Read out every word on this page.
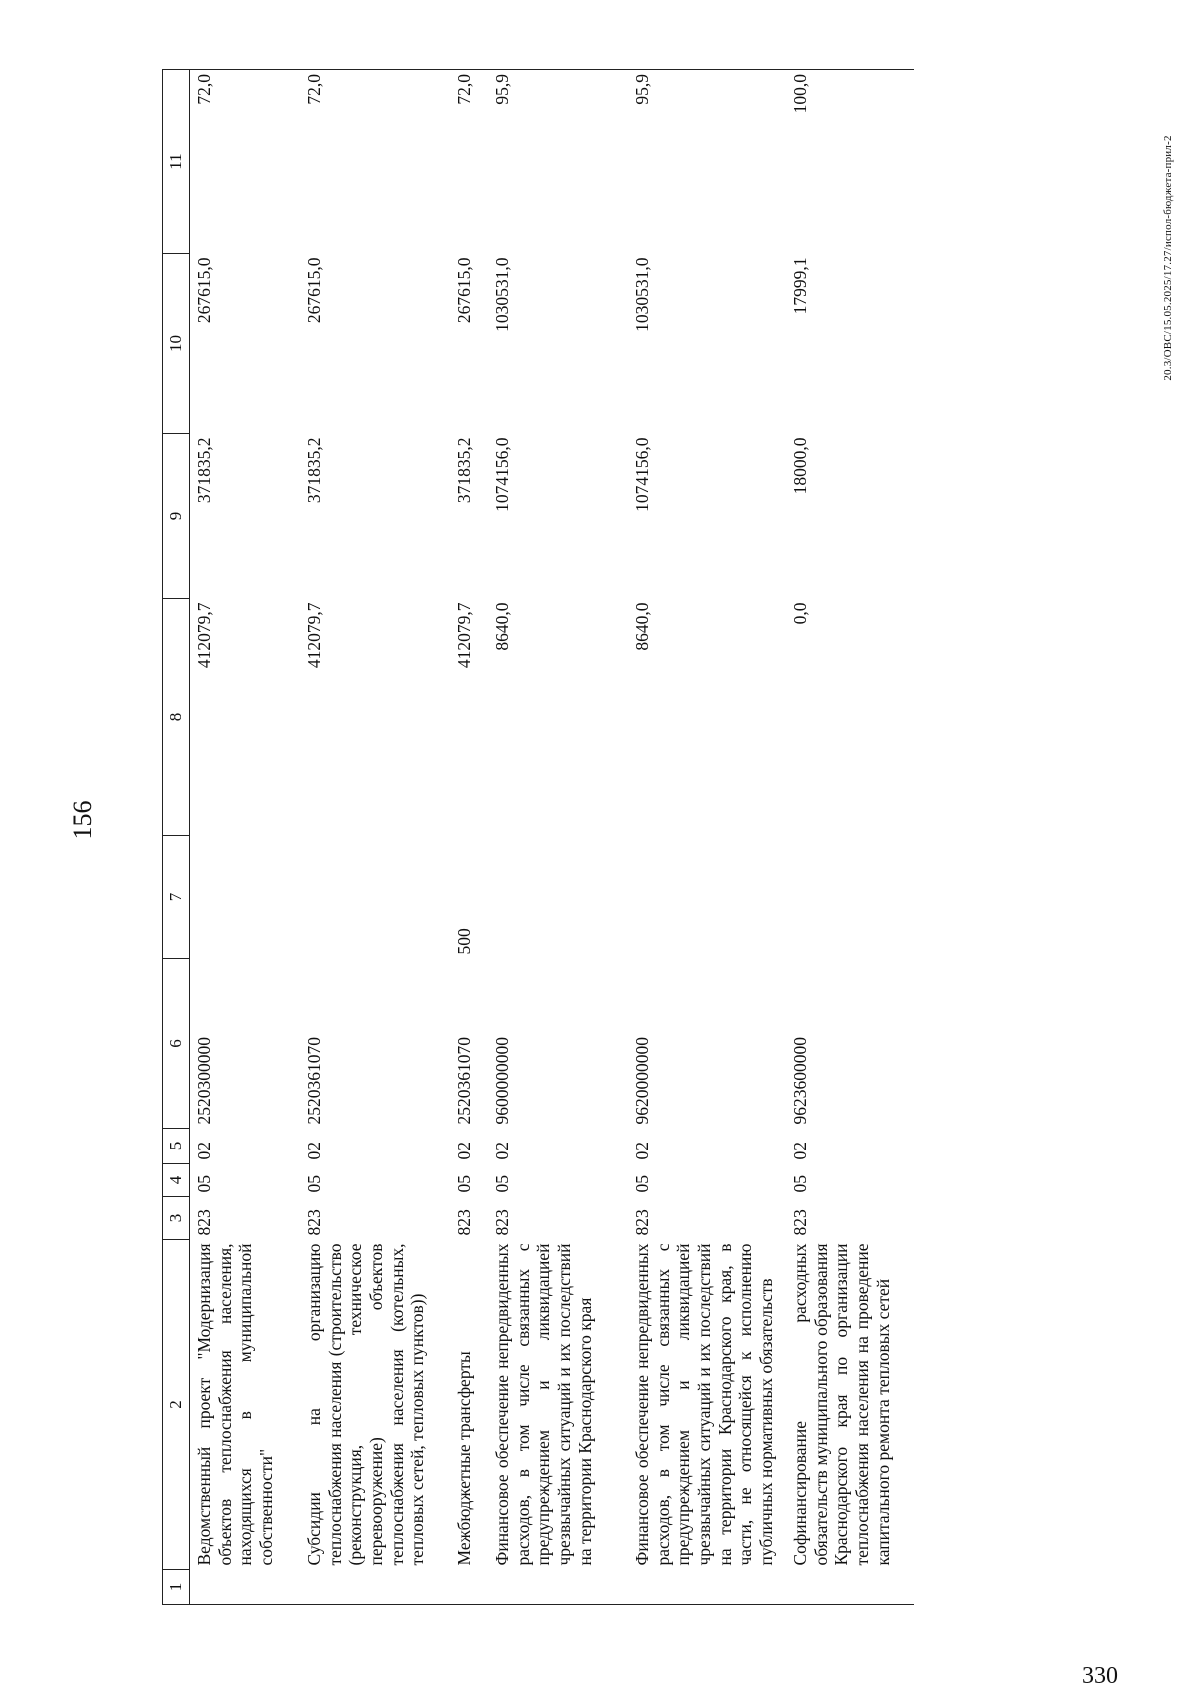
156
330
20.3/ОВС/15.05.2025/17.27/испол-бюджета-прил-2
1	2	3	4	5	6	7	8	9	10	11
	Ведомственный проект "Модернизация объектов теплоснабжения населения, находящихся в муниципальной собственности"	823	05	02	2520300000		412079,7	371835,2	267615,0	72,0
	Субсидии на организацию теплоснабжения населения (строительство (реконструкция, техническое перевооружение) объектов теплоснабжения населения (котельных, тепловых сетей, тепловых пунктов))	823	05	02	2520361070		412079,7	371835,2	267615,0	72,0
	Межбюджетные трансферты	823	05	02	2520361070	500	412079,7	371835,2	267615,0	72,0
	Финансовое обеспечение непредвиденных расходов, в том числе связанных с предупреждением и ликвидацией чрезвычайных ситуаций и их последствий на территории Краснодарского края	823	05	02	9600000000		8640,0	1074156,0	1030531,0	95,9
	Финансовое обеспечение непредвиденных расходов, в том числе связанных с предупреждением и ликвидацией чрезвычайных ситуаций и их последствий на территории Краснодарского края, в части, не относящейся к исполнению публичных нормативных обязательств	823	05	02	9620000000		8640,0	1074156,0	1030531,0	95,9
	Софинансирование расходных обязательств муниципального образования Краснодарского края по организации теплоснабжения населения на проведение капитального ремонта тепловых сетей	823	05	02	9623600000		0,0	18000,0	17999,1	100,0
